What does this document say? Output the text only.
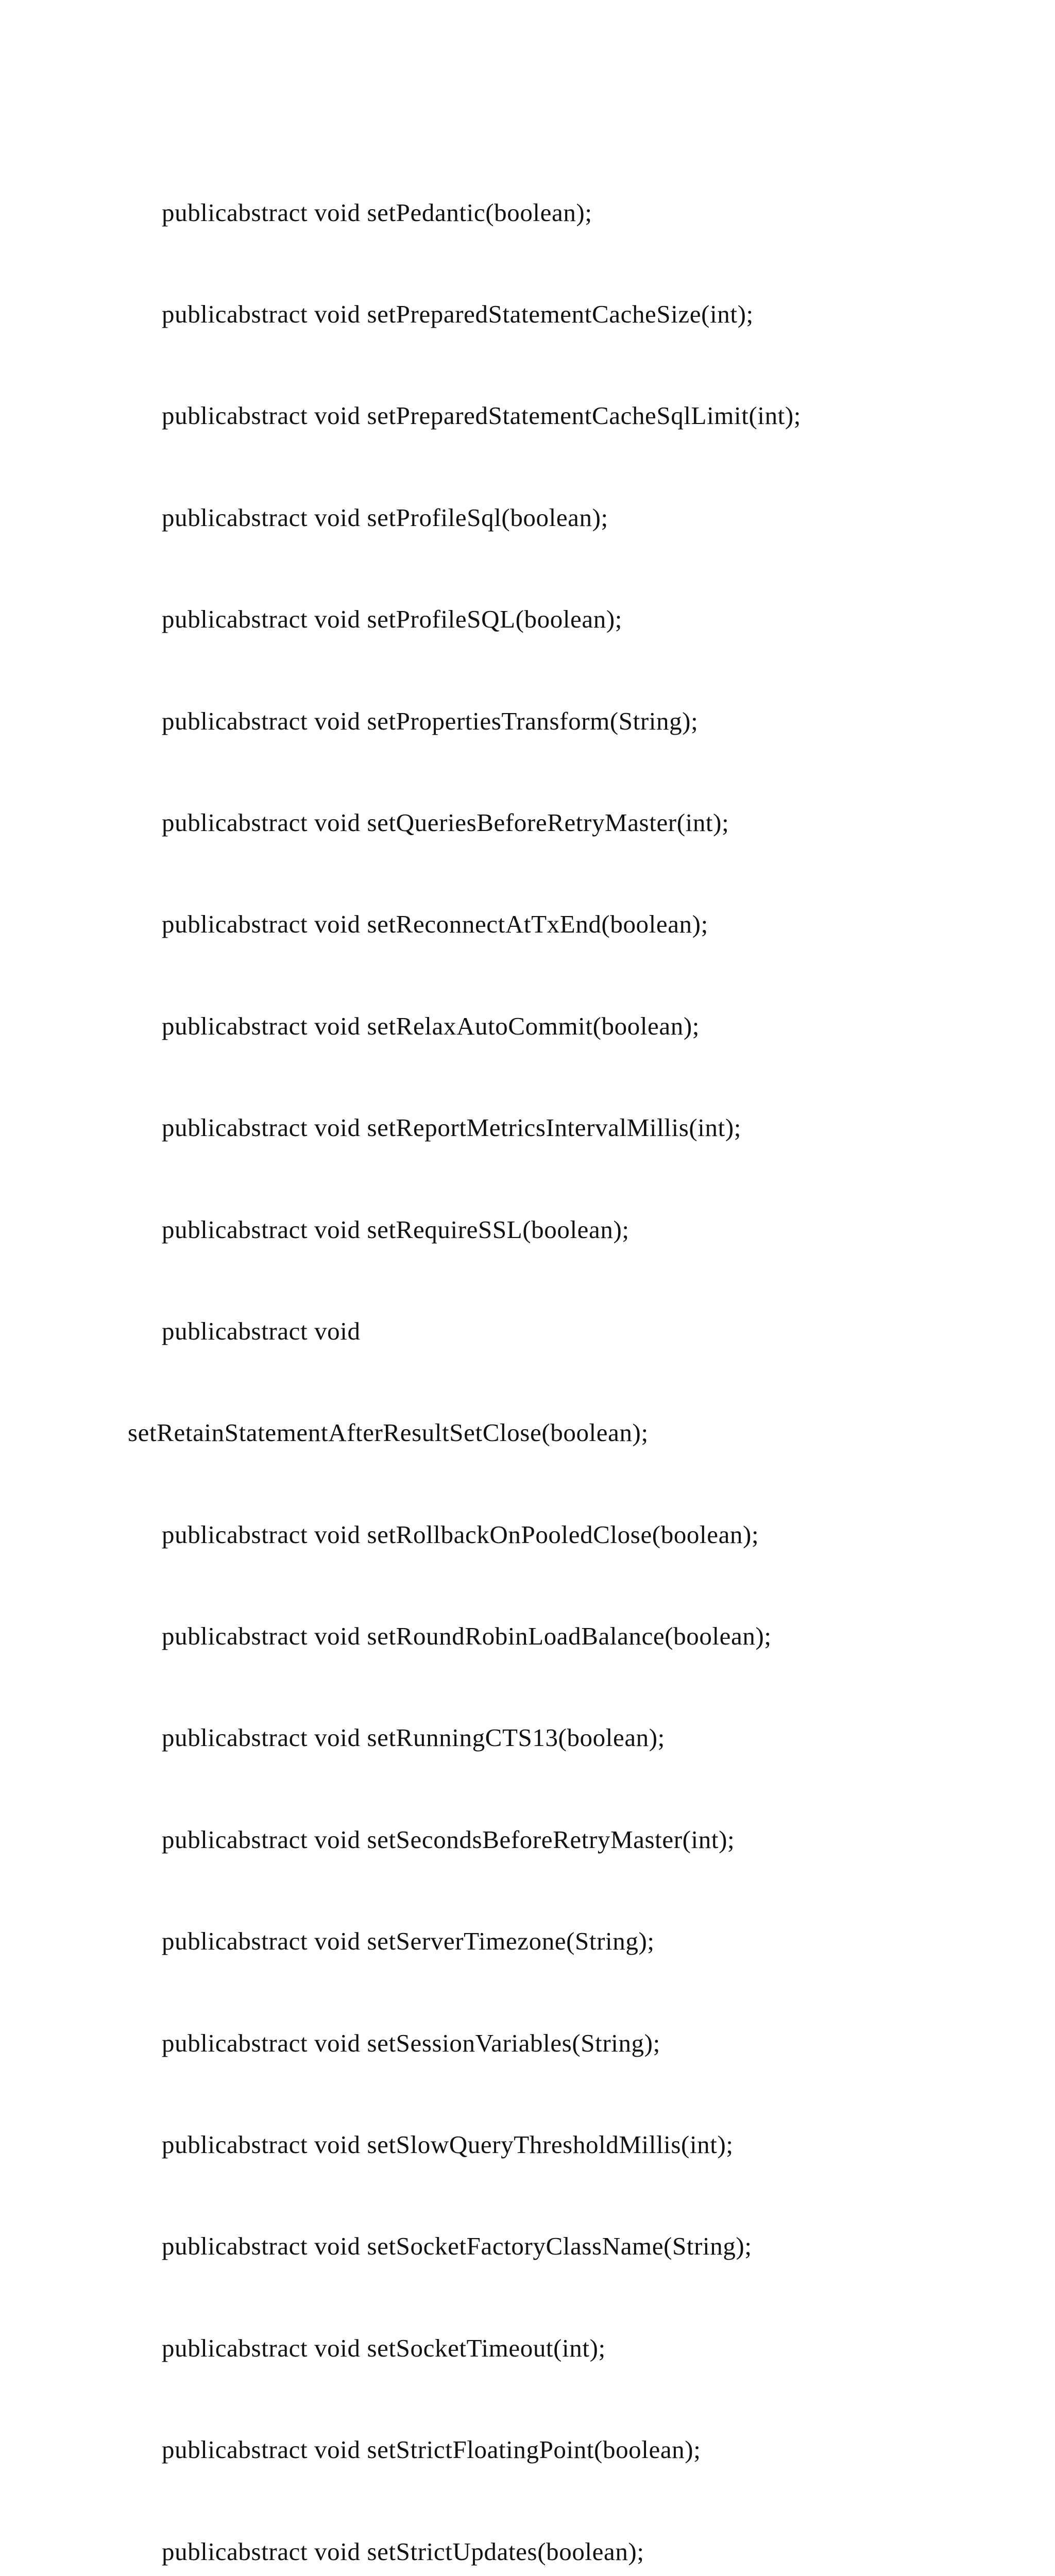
publicabstract void setPedantic(boolean);

publicabstract void setPreparedStatementCacheSize(int);

publicabstract void setPreparedStatementCacheSqlLimit(int);

publicabstract void setProfileSql(boolean);

publicabstract void setProfileSQL(boolean);

publicabstract void setPropertiesTransform(String);

publicabstract void setQueriesBeforeRetryMaster(int);

publicabstract void setReconnectAtTxEnd(boolean);

publicabstract void setRelaxAutoCommit(boolean);

publicabstract void setReportMetricsIntervalMillis(int);

publicabstract void setRequireSSL(boolean);

publicabstract void

setRetainStatementAfterResultSetClose(boolean);

publicabstract void setRollbackOnPooledClose(boolean);

publicabstract void setRoundRobinLoadBalance(boolean);

publicabstract void setRunningCTS13(boolean);

publicabstract void setSecondsBeforeRetryMaster(int);

publicabstract void setServerTimezone(String);

publicabstract void setSessionVariables(String);

publicabstract void setSlowQueryThresholdMillis(int);

publicabstract void setSocketFactoryClassName(String);

publicabstract void setSocketTimeout(int);

publicabstract void setStrictFloatingPoint(boolean);

publicabstract void setStrictUpdates(boolean);
